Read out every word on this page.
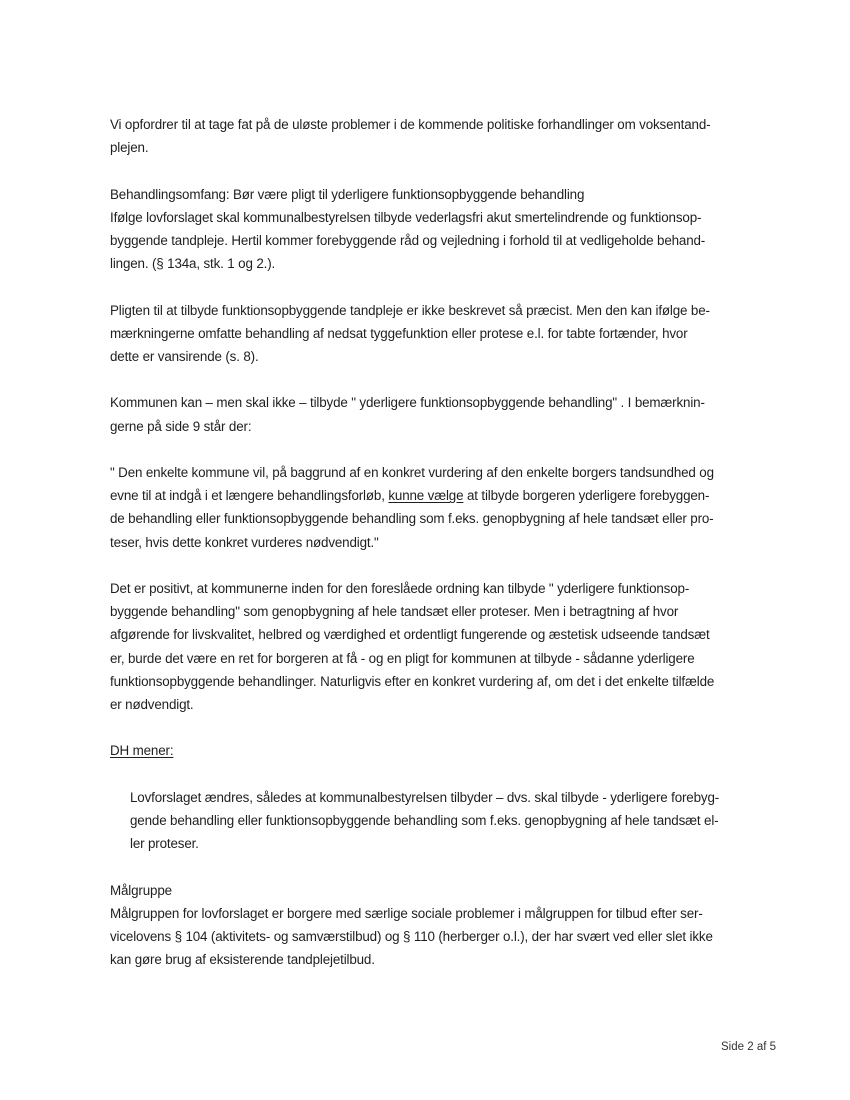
Vi opfordrer til at tage fat på de uløste problemer i de kommende politiske forhandlinger om voksentand-
plejen.

Behandlingsomfang: Bør være pligt til yderligere funktionsopbyggende behandling
Ifølge lovforslaget skal kommunalbestyrelsen tilbyde vederlagsfri akut smertelindrende og funktionsop-
byggende tandpleje. Hertil kommer forebyggende råd og vejledning i forhold til at vedligeholde behand-
lingen. (§ 134a, stk. 1 og 2.).

Pligten til at tilbyde funktionsopbyggende tandpleje er ikke beskrevet så præcist. Men den kan ifølge be-
mærkningerne omfatte behandling af nedsat tyggefunktion eller protese e.l. for tabte fortænder, hvor
dette er vansirende (s. 8).

Kommunen kan – men skal ikke – tilbyde " yderligere funktionsopbyggende behandling" . I bemærknin-
gerne på side 9 står der:

" Den enkelte kommune vil, på baggrund af en konkret vurdering af den enkelte borgers tandsundhed og
evne til at indgå i et længere behandlingsforløb, kunne vælge at tilbyde borgeren yderligere forebyggen-
de behandling eller funktionsopbyggende behandling som f.eks. genopbygning af hele tandsæt eller pro-
teser, hvis dette konkret vurderes nødvendigt."

Det er positivt, at kommunerne inden for den foreslåede ordning kan tilbyde " yderligere funktionsop-
byggende behandling" som genopbygning af hele tandsæt eller proteser. Men i betragtning af hvor
afgørende for livskvalitet, helbred og værdighed et ordentligt fungerende og æstetisk udseende tandsæt
er, burde det være en ret for borgeren at få - og en pligt for kommunen at tilbyde - sådanne yderligere
funktionsopbyggende behandlinger. Naturligvis efter en konkret vurdering af, om det i det enkelte tilfælde
er nødvendigt.

DH mener:

Lovforslaget ændres, således at kommunalbestyrelsen tilbyder – dvs. skal tilbyde - yderligere forebyg-
gende behandling eller funktionsopbyggende behandling som f.eks. genopbygning af hele tandsæt el-
ler proteser.

Målgruppe
Målgruppen for lovforslaget er borgere med særlige sociale problemer i målgruppen for tilbud efter ser-
vicelovens § 104 (aktivitets- og samværstilbud) og § 110 (herberger o.l.), der har svært ved eller slet ikke
kan gøre brug af eksisterende tandplejetilbud.

Side 2 af 5
